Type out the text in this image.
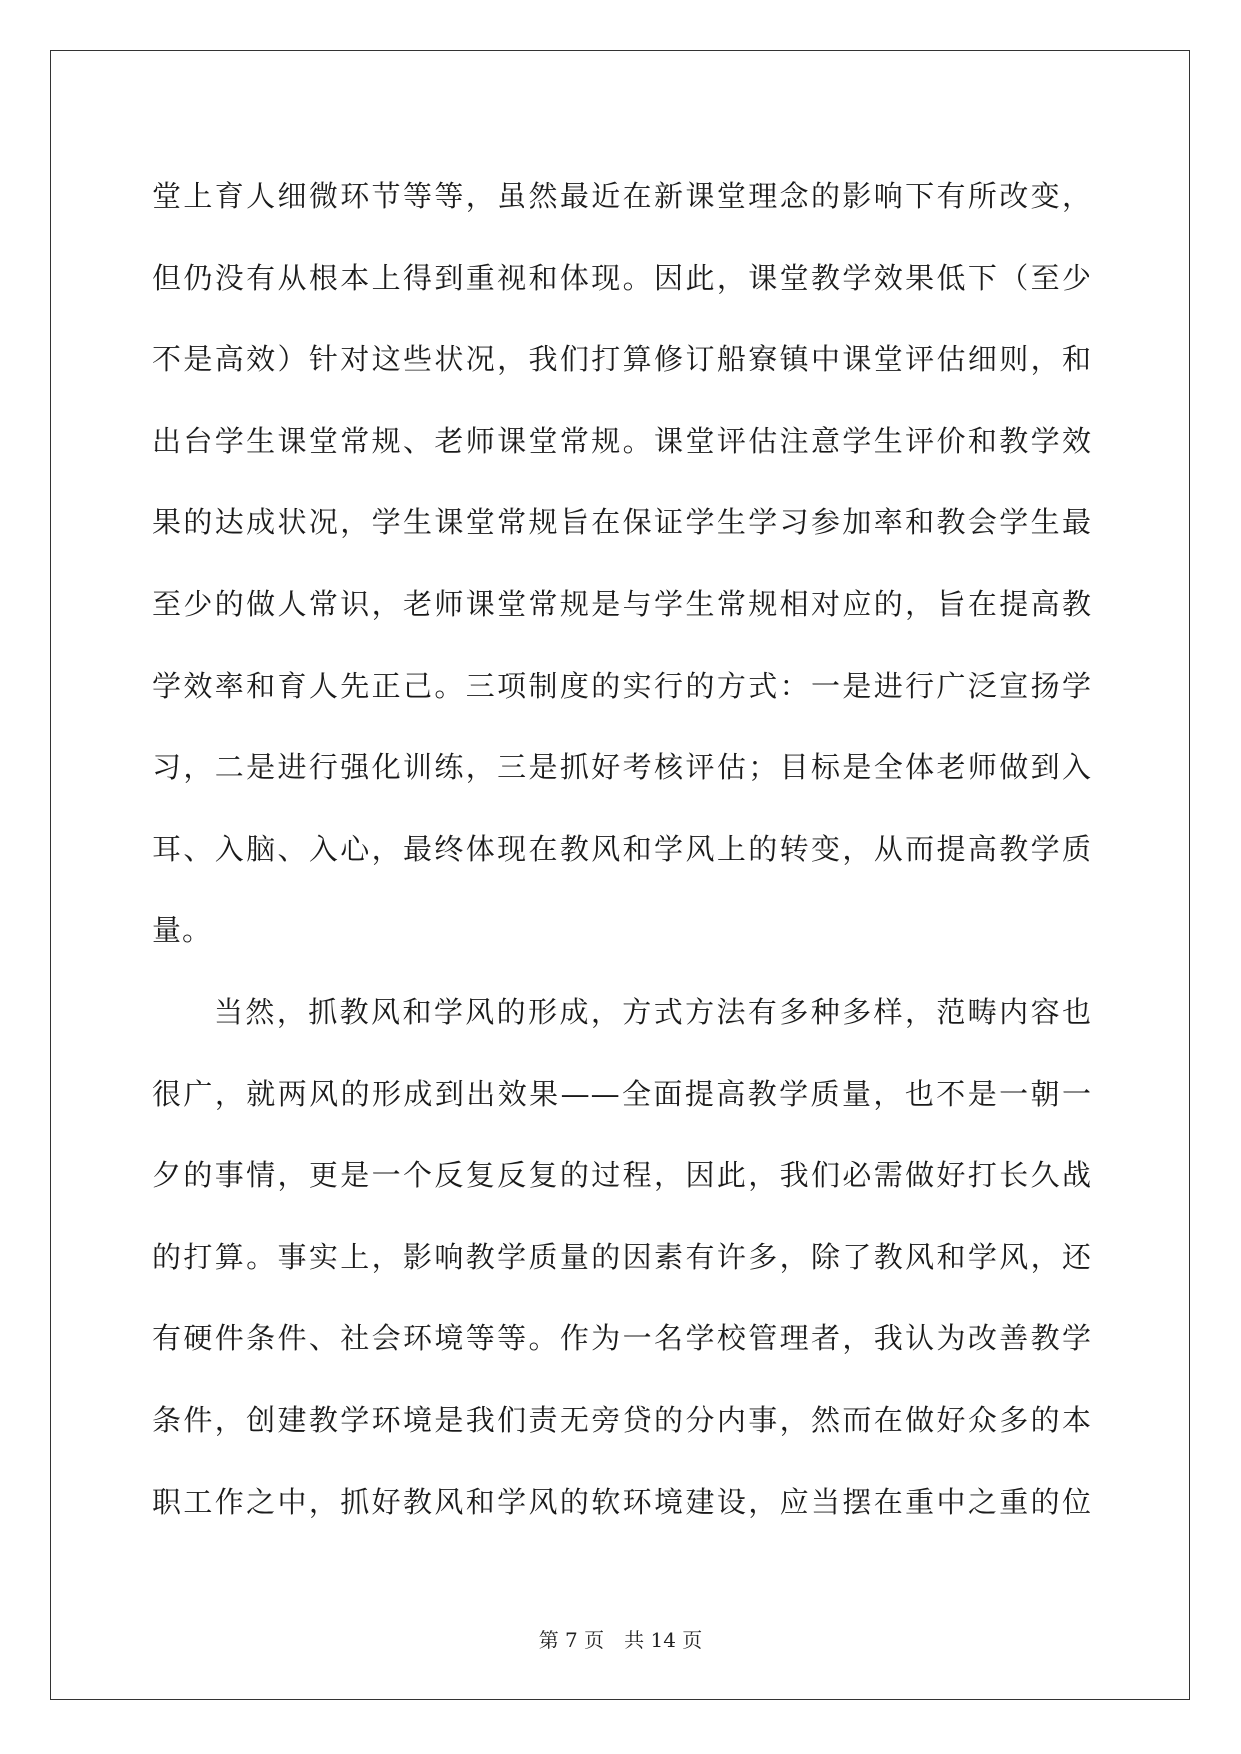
堂上育人细微环节等等，虽然最近在新课堂理念的影响下有所改变，
但仍没有从根本上得到重视和体现。因此，课堂教学效果低下（至少
不是高效）针对这些状况，我们打算修订船寮镇中课堂评估细则，和
出台学生课堂常规、老师课堂常规。课堂评估注意学生评价和教学效
果的达成状况，学生课堂常规旨在保证学生学习参加率和教会学生最
至少的做人常识，老师课堂常规是与学生常规相对应的，旨在提高教
学效率和育人先正己。三项制度的实行的方式：一是进行广泛宣扬学
习，二是进行强化训练，三是抓好考核评估；目标是全体老师做到入
耳、入脑、入心，最终体现在教风和学风上的转变，从而提高教学质
量。
当然，抓教风和学风的形成，方式方法有多种多样，范畴内容也
很广，就两风的形成到出效果——全面提高教学质量，也不是一朝一
夕的事情，更是一个反复反复的过程，因此，我们必需做好打长久战
的打算。事实上，影响教学质量的因素有许多，除了教风和学风，还
有硬件条件、社会环境等等。作为一名学校管理者，我认为改善教学
条件，创建教学环境是我们责无旁贷的分内事，然而在做好众多的本
职工作之中，抓好教风和学风的软环境建设，应当摆在重中之重的位
第 7 页　共 14 页
